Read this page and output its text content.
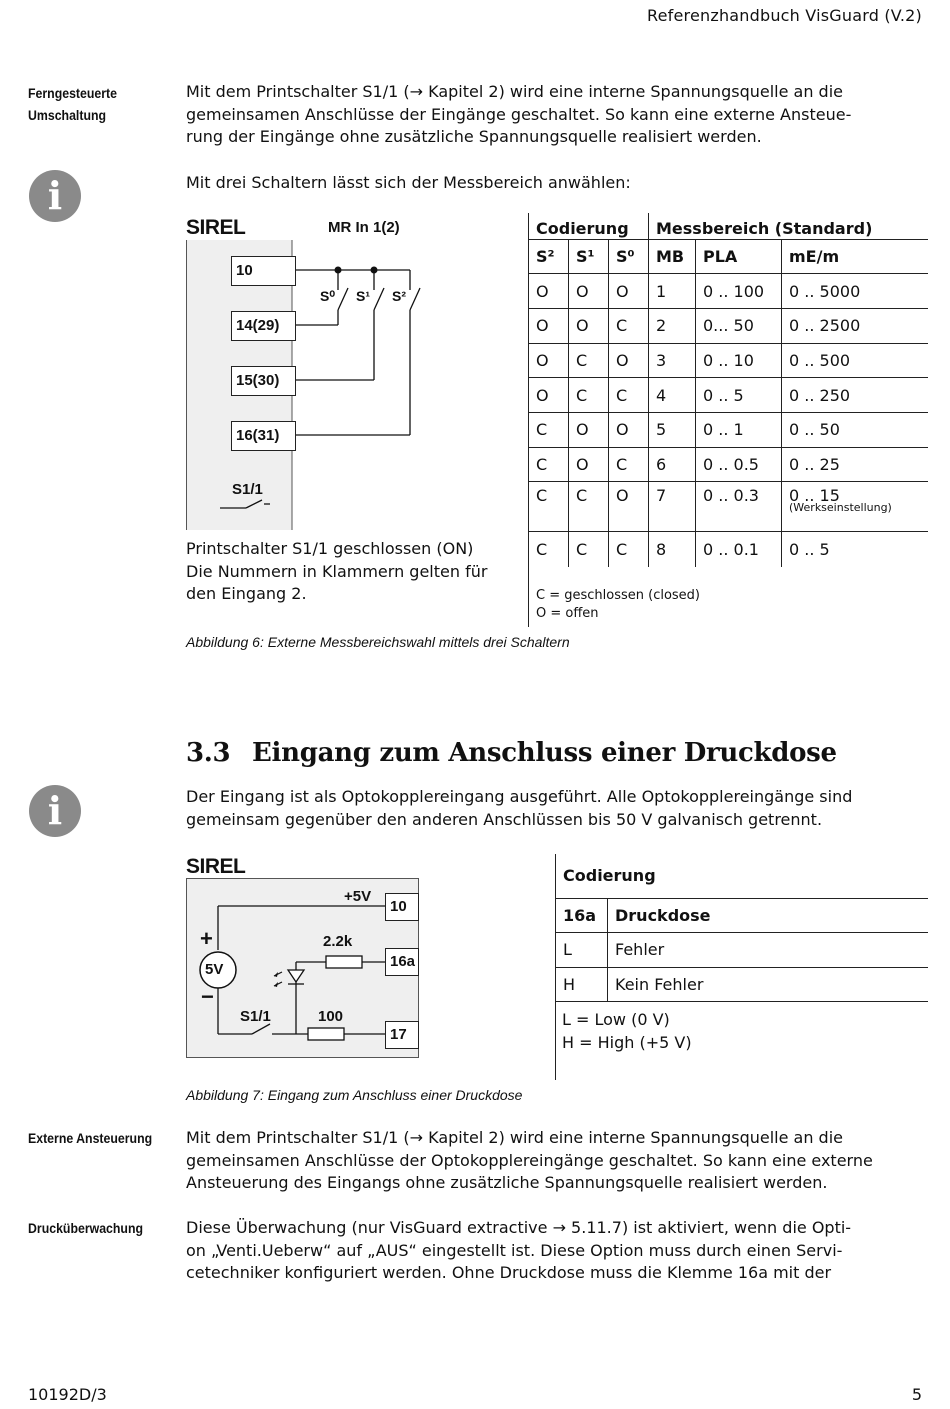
Referenzhandbuch VisGuard (V.2)
Ferngesteuerte
Umschaltung
Mit dem Printschalter S1/1 (→ Kapitel 2) wird eine interne Spannungsquelle an die
gemeinsamen Anschlüsse der Eingänge geschaltet. So kann eine externe Ansteue-
rung der Eingänge ohne zusätzliche Spannungsquelle realisiert werden.
i	Mit drei Schaltern lässt sich der Messbereich anwählen:
SIREL	MR In 1(2)
10
14(29)
15(30)
16(31)
S⁰ S¹ S²
S1/1
Printschalter S1/1 geschlossen (ON)
Die Nummern in Klammern gelten für
den Eingang 2.
Codierung			Messbereich (Standard)		
S²	S¹	S⁰	MB	PLA	mE/m
O	O	O	1	0 .. 100	0 .. 5000
O	O	C	2	0... 50	0 .. 2500
O	C	O	3	0 .. 10	0 .. 500
O	C	C	4	0 .. 5	0 .. 250
C	O	O	5	0 .. 1	0 .. 50
C	O	C	6	0 .. 0.5	0 .. 25
C	C	O	7	0 .. 0.3	0 .. 15
(Werkseinstellung)

C	C	C	8	0 .. 0.1	0 .. 5
C = geschlossen (closed)
O = offen
Abbildung 6: Externe Messbereichswahl mittels drei Schaltern
3.3 Eingang zum Anschluss einer Druckdose
i	Der Eingang ist als Optokopplereingang ausgeführt. Alle Optokopplereingänge sind
gemeinsam gegenüber den anderen Anschlüssen bis 50 V galvanisch getrennt.
SIREL
+5V
5V
+
−
2.2k
100
S1/1
10
16a
17
Codierung	
16a	Druckdose
L	Fehler
H	Kein Fehler
L = Low (0 V)
H = High (+5 V)
Abbildung 7: Eingang zum Anschluss einer Druckdose
Externe Ansteuerung Mit dem Printschalter S1/1 (→ Kapitel 2) wird eine interne Spannungsquelle an die
gemeinsamen Anschlüsse der Optokopplereingänge geschaltet. So kann eine externe
Ansteuerung des Eingangs ohne zusätzliche Spannungsquelle realisiert werden.
Drucküberwachung	Diese Überwachung (nur VisGuard extractive → 5.11.7) ist aktiviert, wenn die Opti-
on „Venti.Ueberw“ auf „AUS“ eingestellt ist. Diese Option muss durch einen Servi-
cetechniker konfiguriert werden. Ohne Druckdose muss die Klemme 16a mit der
10192D/3	5
